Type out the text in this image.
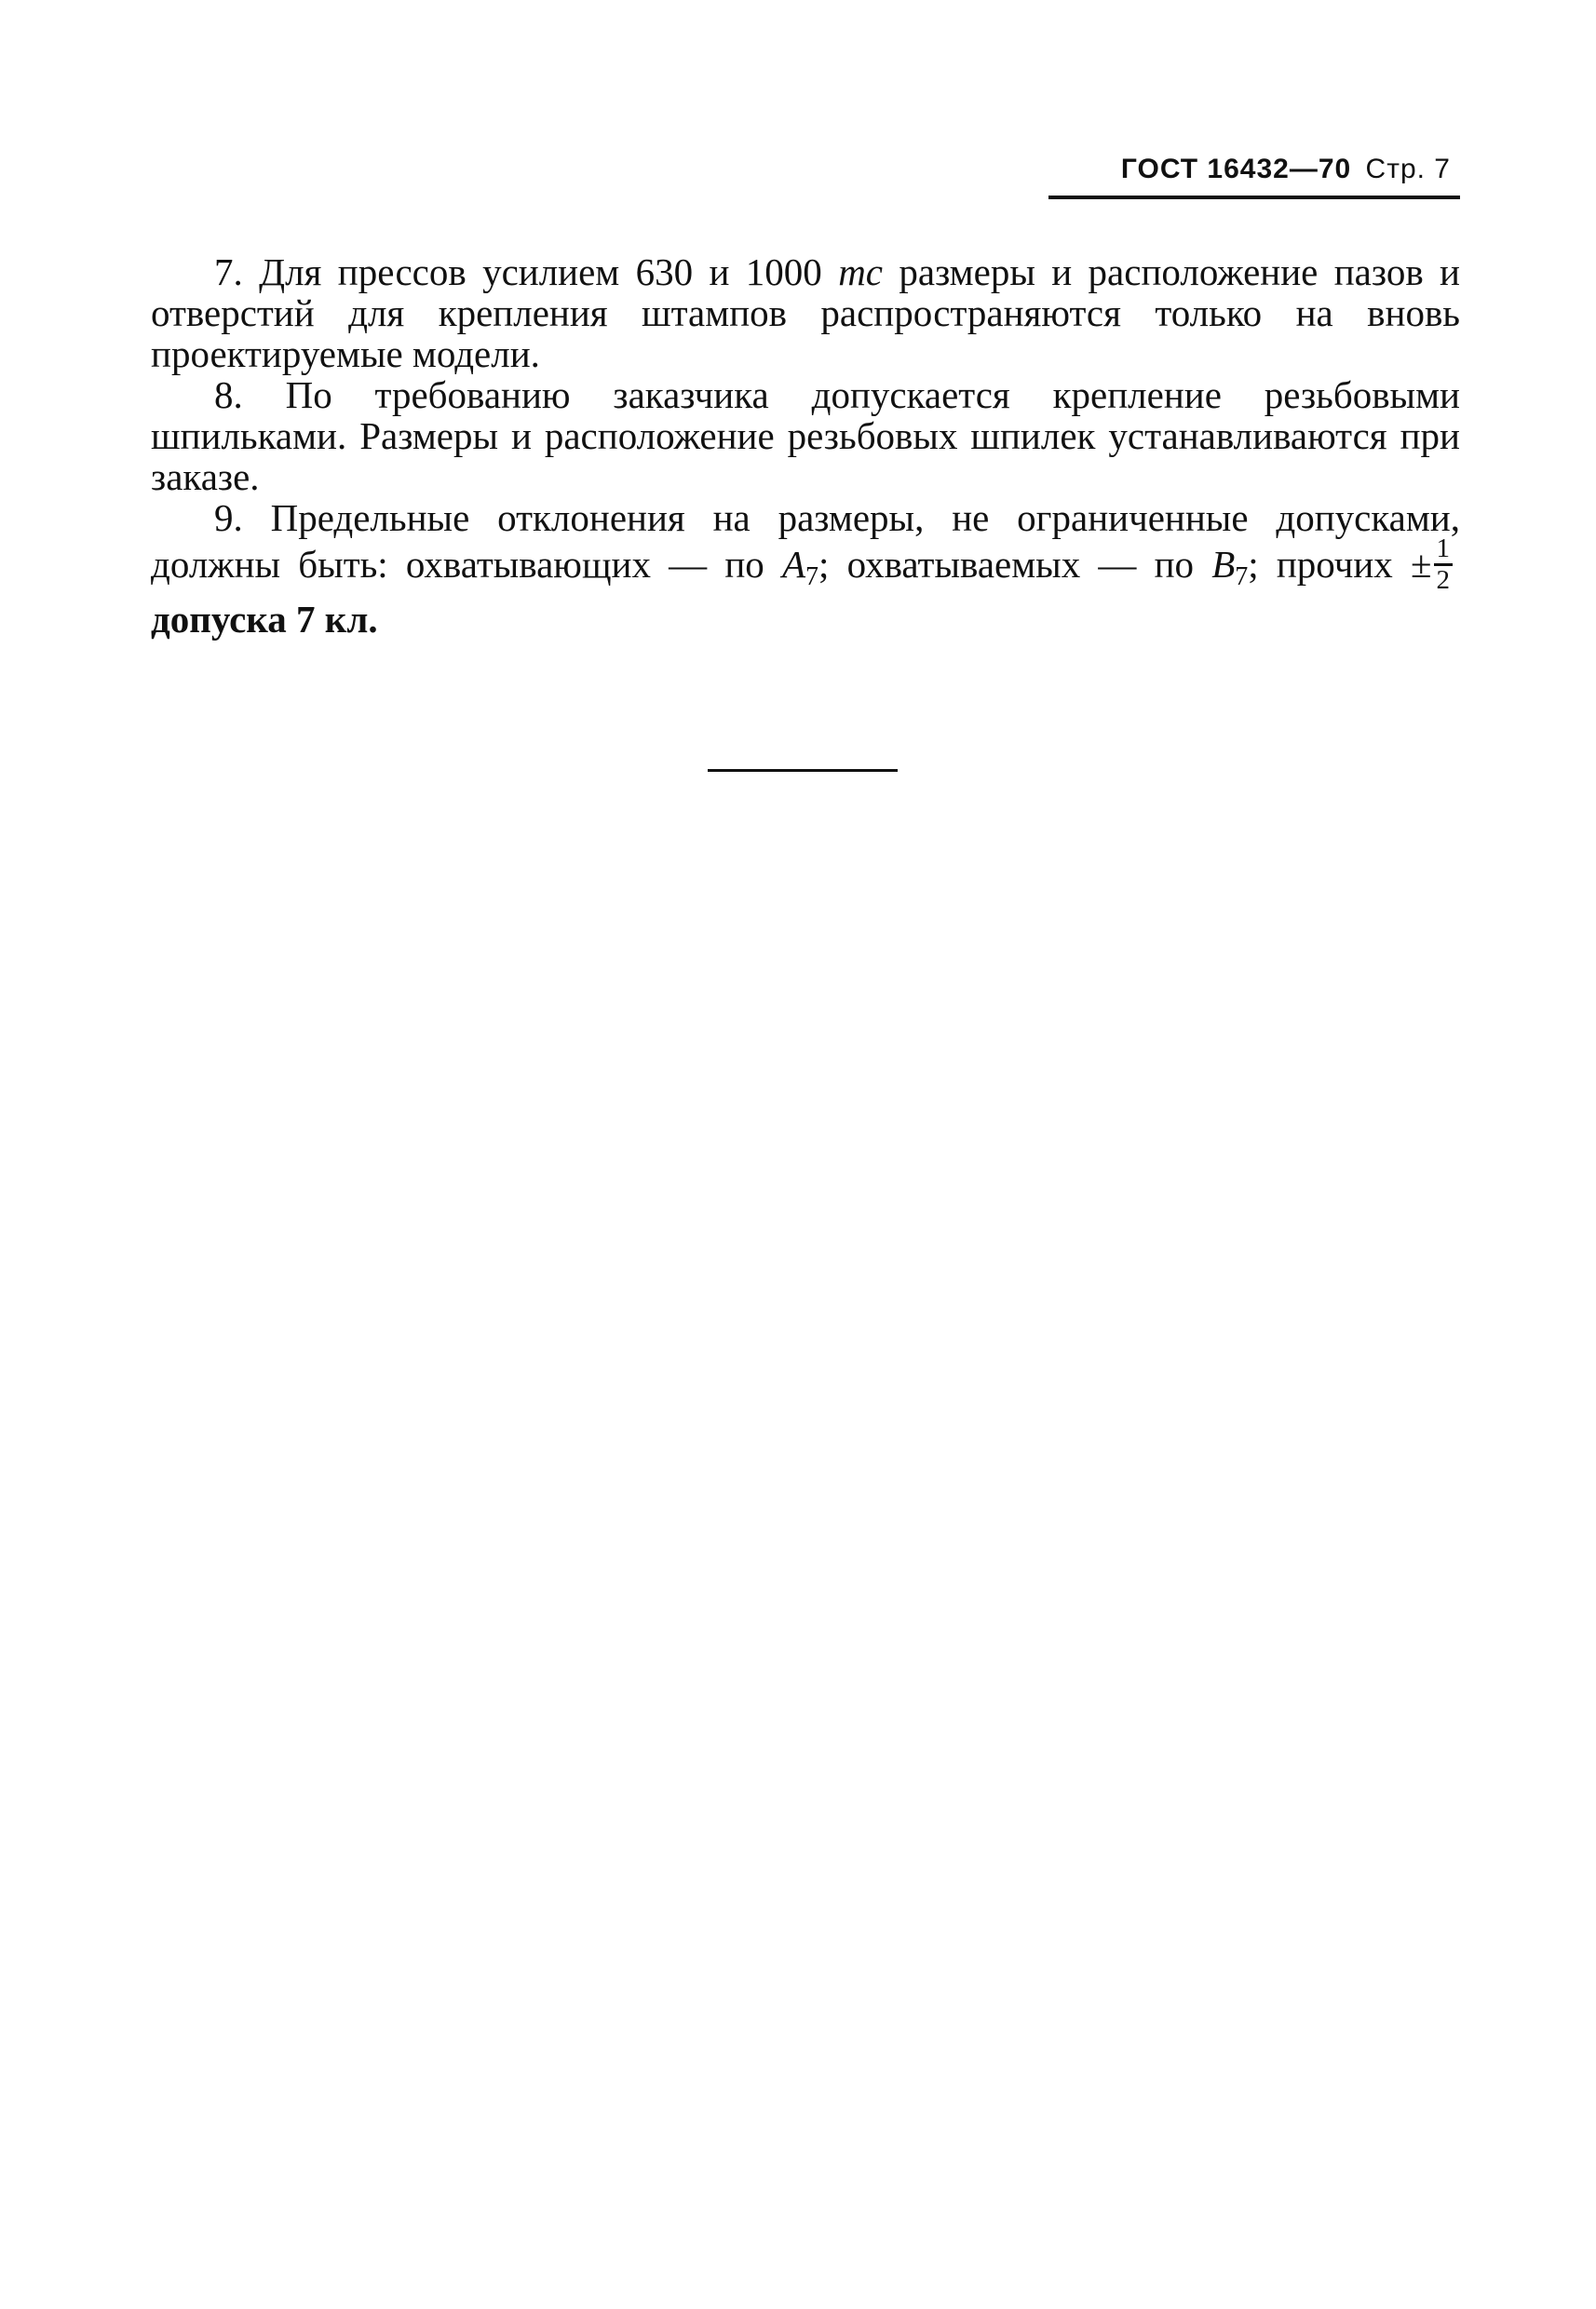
ГОСТ 16432—70 Стр. 7

7. Для прессов усилием 630 и 1000 тс размеры и расположение пазов и отверстий для крепления штампов распространяются только на вновь проектируемые модели.

8. По требованию заказчика допускается крепление резьбовыми шпильками. Размеры и расположение резьбовых шпилек устанавливаются при заказе.

9. Предельные отклонения на размеры, не ограниченные допусками, должны быть: охватывающих — по A7; охватываемых — по B7; прочих ± $\frac{1}{2}$
допуска 7 кл.
